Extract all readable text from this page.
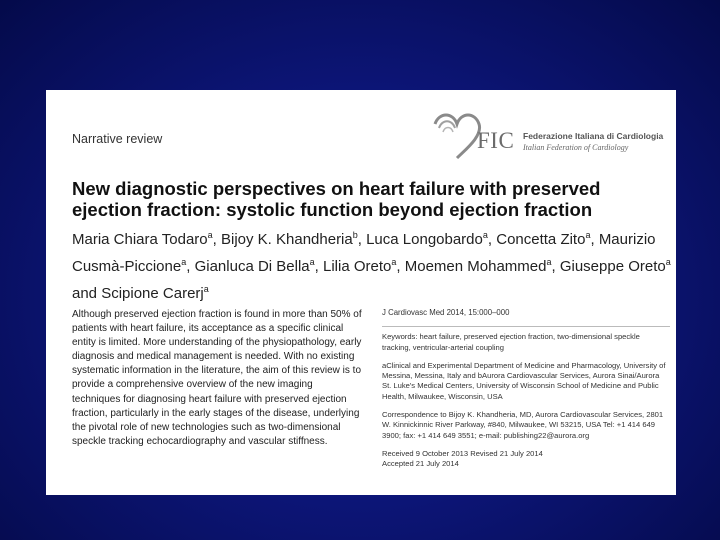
Narrative review	FIC Federazione Italiana di Cardiologia
Italian Federation of Cardiology
New diagnostic perspectives on heart failure with preserved ejection fraction: systolic function beyond ejection fraction
Maria Chiara Todaro$^a$, Bijoy K. Khandheria$^b$, Luca Longobardo$^a$, Concetta Zito$^a$, Maurizio Cusmà-Piccione$^a$, Gianluca Di Bella$^a$, Lilia Oreto$^a$, Moemen Mohammed$^a$, Giuseppe Oreto$^a$ and Scipione Carerj$^a$
Although preserved ejection fraction is found in more than 50% of patients with heart failure, its acceptance as a specific clinical entity is limited. More understanding of the physiopathology, early diagnosis and medical management is needed. With no existing systematic information in the literature, the aim of this review is to provide a comprehensive overview of the new imaging techniques for diagnosing heart failure with preserved ejection fraction, particularly in the early stages of the disease, underlying the pivotal role of new technologies such as two-dimensional speckle tracking echocardiography and vascular stiffness.
J Cardiovasc Med 2014, 15:000–000
Keywords: heart failure, preserved ejection fraction, two-dimensional speckle tracking, ventricular-arterial coupling
aClinical and Experimental Department of Medicine and Pharmacology, University of Messina, Messina, Italy and bAurora Cardiovascular Services, Aurora Sinai/Aurora St. Luke's Medical Centers, University of Wisconsin School of Medicine and Public Health, Milwaukee, Wisconsin, USA
Correspondence to Bijoy K. Khandheria, MD, Aurora Cardiovascular Services, 2801 W. Kinnickinnic River Parkway, #840, Milwaukee, WI 53215, USA Tel: +1 414 649 3900; fax: +1 414 649 3551; e-mail: publishing22@aurora.org
Received 9 October 2013 Revised 21 July 2014
Accepted 21 July 2014
